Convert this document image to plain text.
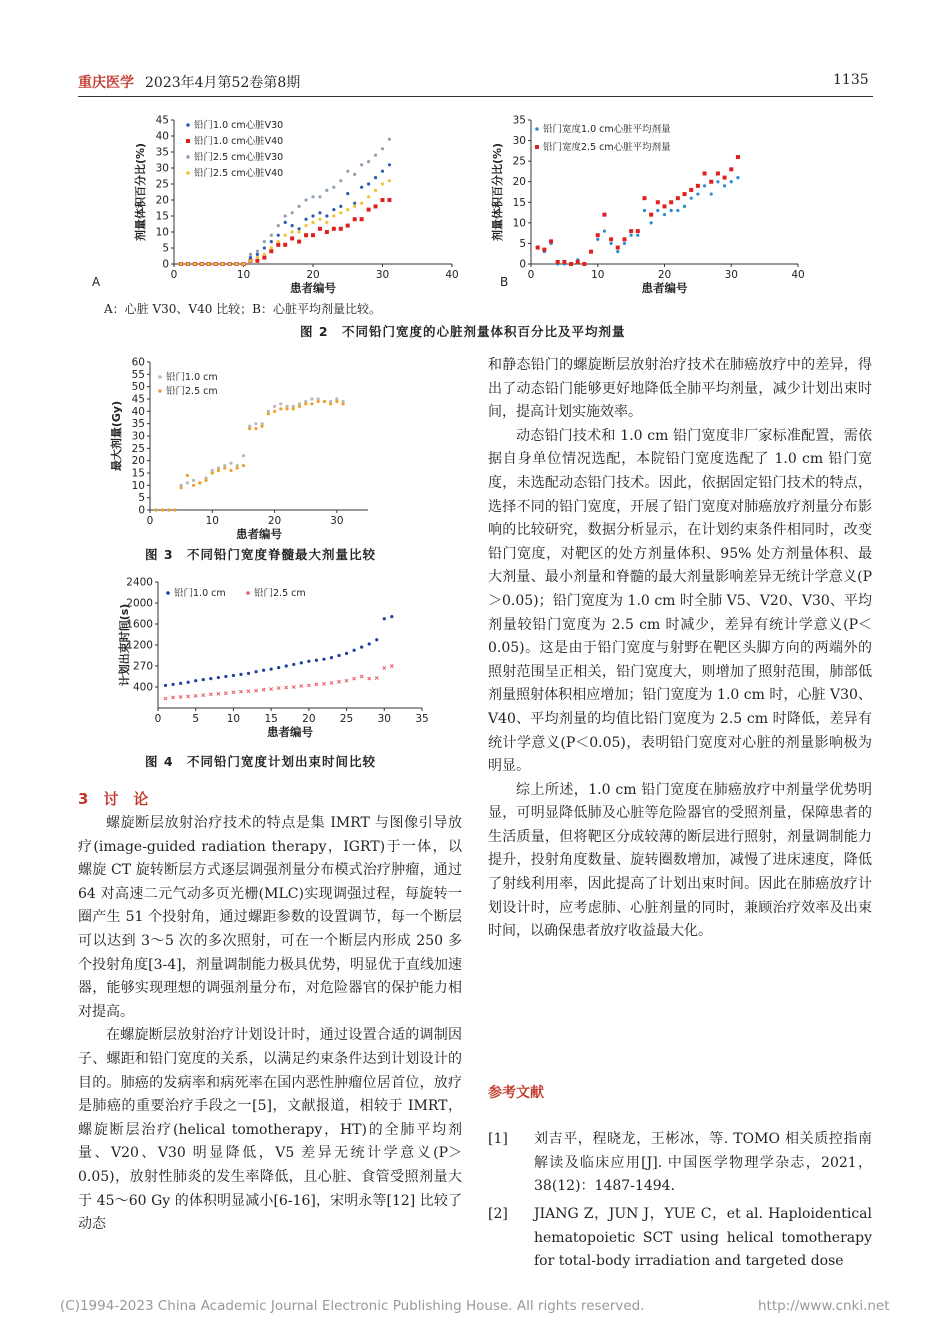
重庆医学 2023年4月第52卷第8期	1135
0	10	20	30	40
0
5
10
15
20
25
30
35
40
45
患者编号
剂量体积百分比(%)
铅门1.0 cm心脏V30
铅门1.0 cm心脏V40
铅门2.5 cm心脏V30
铅门2.5 cm心脏V40
A	0	10	20	30	40
0
5
10
15
20
25
30
35
患者编号
剂量体积百分比(%)
铅门宽度1.0 cm心脏平均剂量
铅门宽度2.5 cm心脏平均剂量
B
A：心脏 V30、V40 比较；B：心脏平均剂量比较。
图 2　不同铅门宽度的心脏剂量体积百分比及平均剂量
0	10	20	30
0
5
10
15
20
25
30
35
40
45
50
55
60
患者编号
最大剂量(Gy)
铅门1.0 cm
铅门2.5 cm
图 3　不同铅门宽度脊髓最大剂量比较
0	5	10 15 20 25 30 35
400
270
1200
1600
2000
2400
患者编号
计划出束时间(s)
铅门1.0 cm	铅门2.5 cm
图 4　不同铅门宽度计划出束时间比较
3　讨　论

螺旋断层放射治疗技术的特点是集 IMRT 与图像引导放疗(image-guided radiation therapy，IGRT)于一体，以螺旋 CT 旋转断层方式逐层调强剂量分布模式治疗肿瘤，通过 64 对高速二元气动多页光栅(MLC)实现调强过程，每旋转一圈产生 51 个投射角，通过螺距参数的设置调节，每一个断层可以达到 3～5 次的多次照射，可在一个断层内形成 250 多个投射角度[3-4]，剂量调制能力极具优势，明显优于直线加速器，能够实现理想的调强剂量分布，对危险器官的保护能力相对提高。

在螺旋断层放射治疗计划设计时，通过设置合适的调制因子、螺距和铅门宽度的关系，以满足约束条件达到计划设计的目的。肺癌的发病率和病死率在国内恶性肿瘤位居首位，放疗是肺癌的重要治疗手段之一[5]，文献报道，相较于 IMRT，螺旋断层治疗(helical tomotherapy，HT)的全肺平均剂量、V20、V30 明显降低，V5 差异无统计学意义(P＞0.05)，放射性肺炎的发生率降低，且心脏、食管受照剂量大于 45～60 Gy 的体积明显减小[6-16]，宋明永等[12] 比较了动态

和静态铅门的螺旋断层放射治疗技术在肺癌放疗中的差异，得出了动态铅门能够更好地降低全肺平均剂量，减少计划出束时间，提高计划实施效率。

动态铅门技术和 1.0 cm 铅门宽度非厂家标准配置，需依据自身单位情况选配，本院铅门宽度选配了 1.0 cm 铅门宽度，未选配动态铅门技术。因此，依据固定铅门技术的特点，选择不同的铅门宽度，开展了铅门宽度对肺癌放疗剂量分布影响的比较研究，数据分析显示，在计划约束条件相同时，改变铅门宽度，对靶区的处方剂量体积、95% 处方剂量体积、最大剂量、最小剂量和脊髓的最大剂量影响差异无统计学意义(P＞0.05)；铅门宽度为 1.0 cm 时全肺 V5、V20、V30、平均剂量较铅门宽度为 2.5 cm 时减少，差异有统计学意义(P＜0.05)。这是由于铅门宽度与射野在靶区头脚方向的两端外的照射范围呈正相关，铅门宽度大，则增加了照射范围，肺部低剂量照射体积相应增加；铅门宽度为 1.0 cm 时，心脏 V30、V40、平均剂量的均值比铅门宽度为 2.5 cm 时降低，差异有统计学意义(P＜0.05)，表明铅门宽度对心脏的剂量影响极为明显。

综上所述，1.0 cm 铅门宽度在肺癌放疗中剂量学优势明显，可明显降低肺及心脏等危险器官的受照剂量，保障患者的生活质量，但将靶区分成较薄的断层进行照射，剂量调制能力提升，投射角度数量、旋转圈数增加，减慢了进床速度，降低了射线利用率，因此提高了计划出束时间。因此在肺癌放疗计划设计时，应考虑肺、心脏剂量的同时，兼顾治疗效率及出束时间，以确保患者放疗收益最大化。

参考文献
[1]	刘吉平，程晓龙，王彬冰，等. TOMO 相关质控指南解读及临床应用[J]. 中国医学物理学杂志，2021，38(12)：1487-1494.
[2]	JIANG Z，JUN J，YUE C，et al. Haploidentical hematopoietic SCT using helical tomotherapy for total-body irradiation and targeted dose
(C)1994-2023 China Academic Journal Electronic Publishing House. All rights reserved.	http://www.cnki.net
